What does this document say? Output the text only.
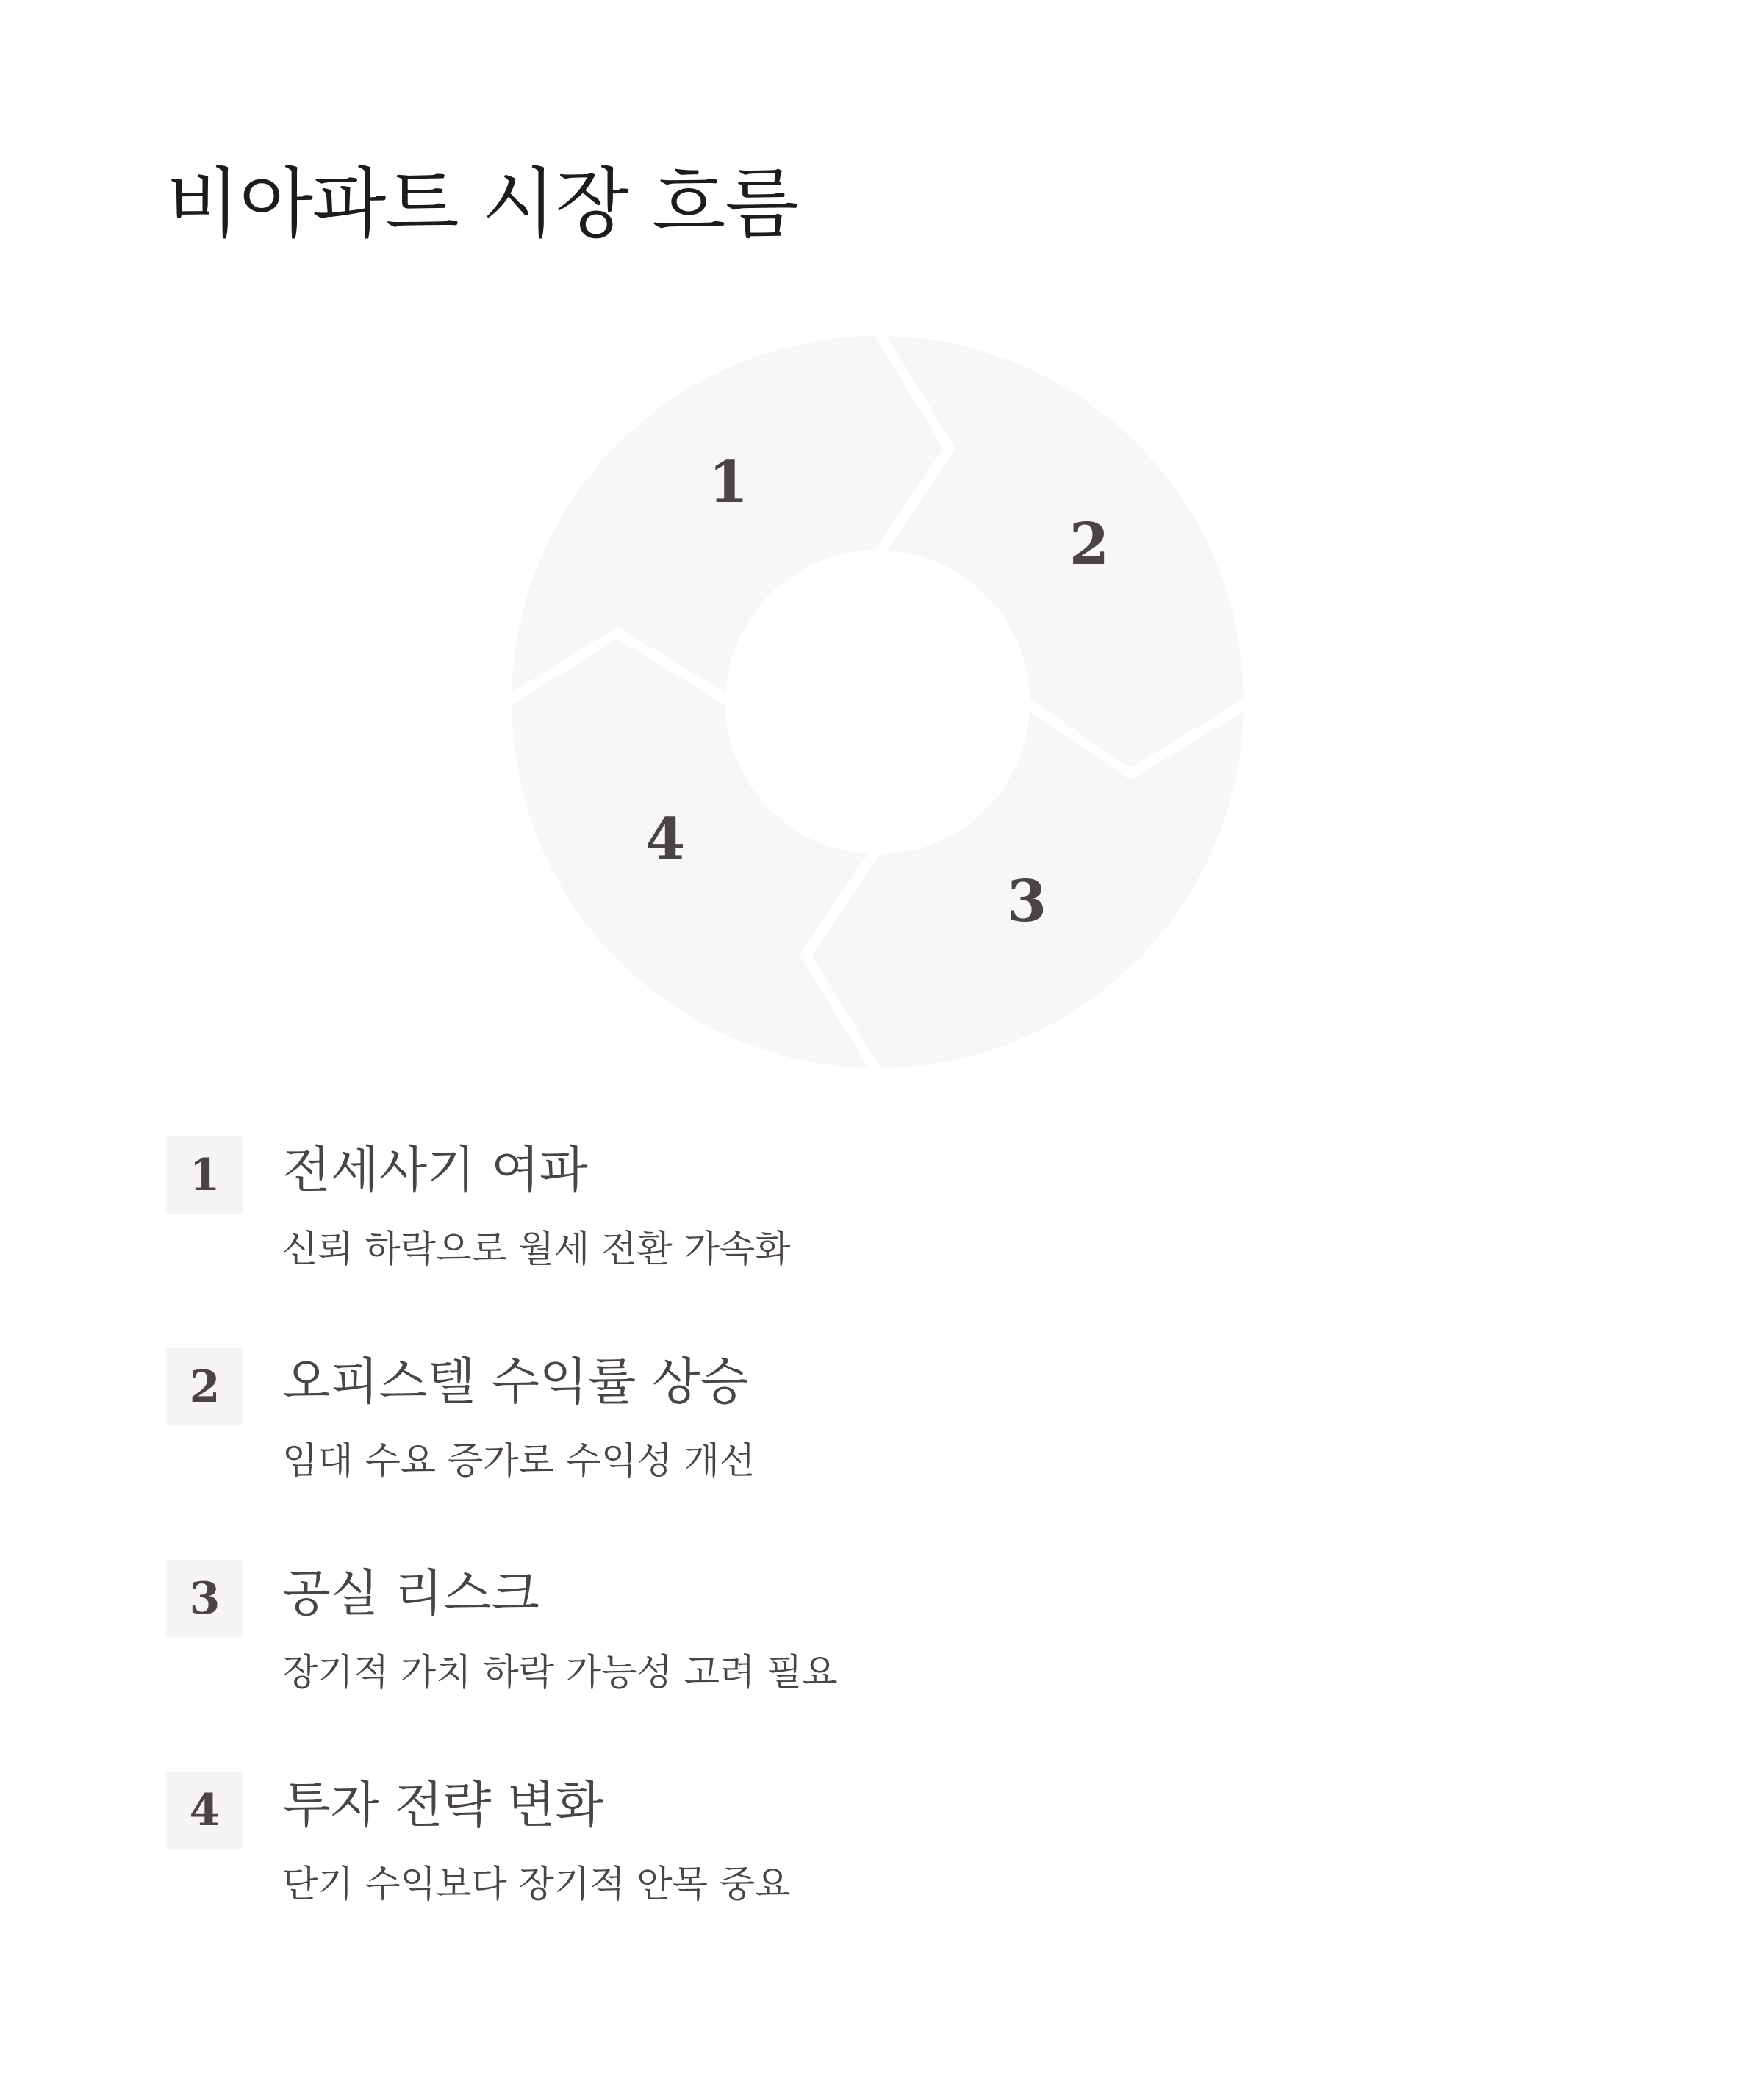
비아파트 시장 흐름
1
2
3
4
1	전세사기 여파
신뢰 하락으로 월세 전환 가속화
2	오피스텔 수익률 상승
임대 수요 증가로 수익성 개선
3	공실 리스크
장기적 가치 하락 가능성 고려 필요
4	투자 전략 변화
단기 수익보다 장기적 안목 중요
